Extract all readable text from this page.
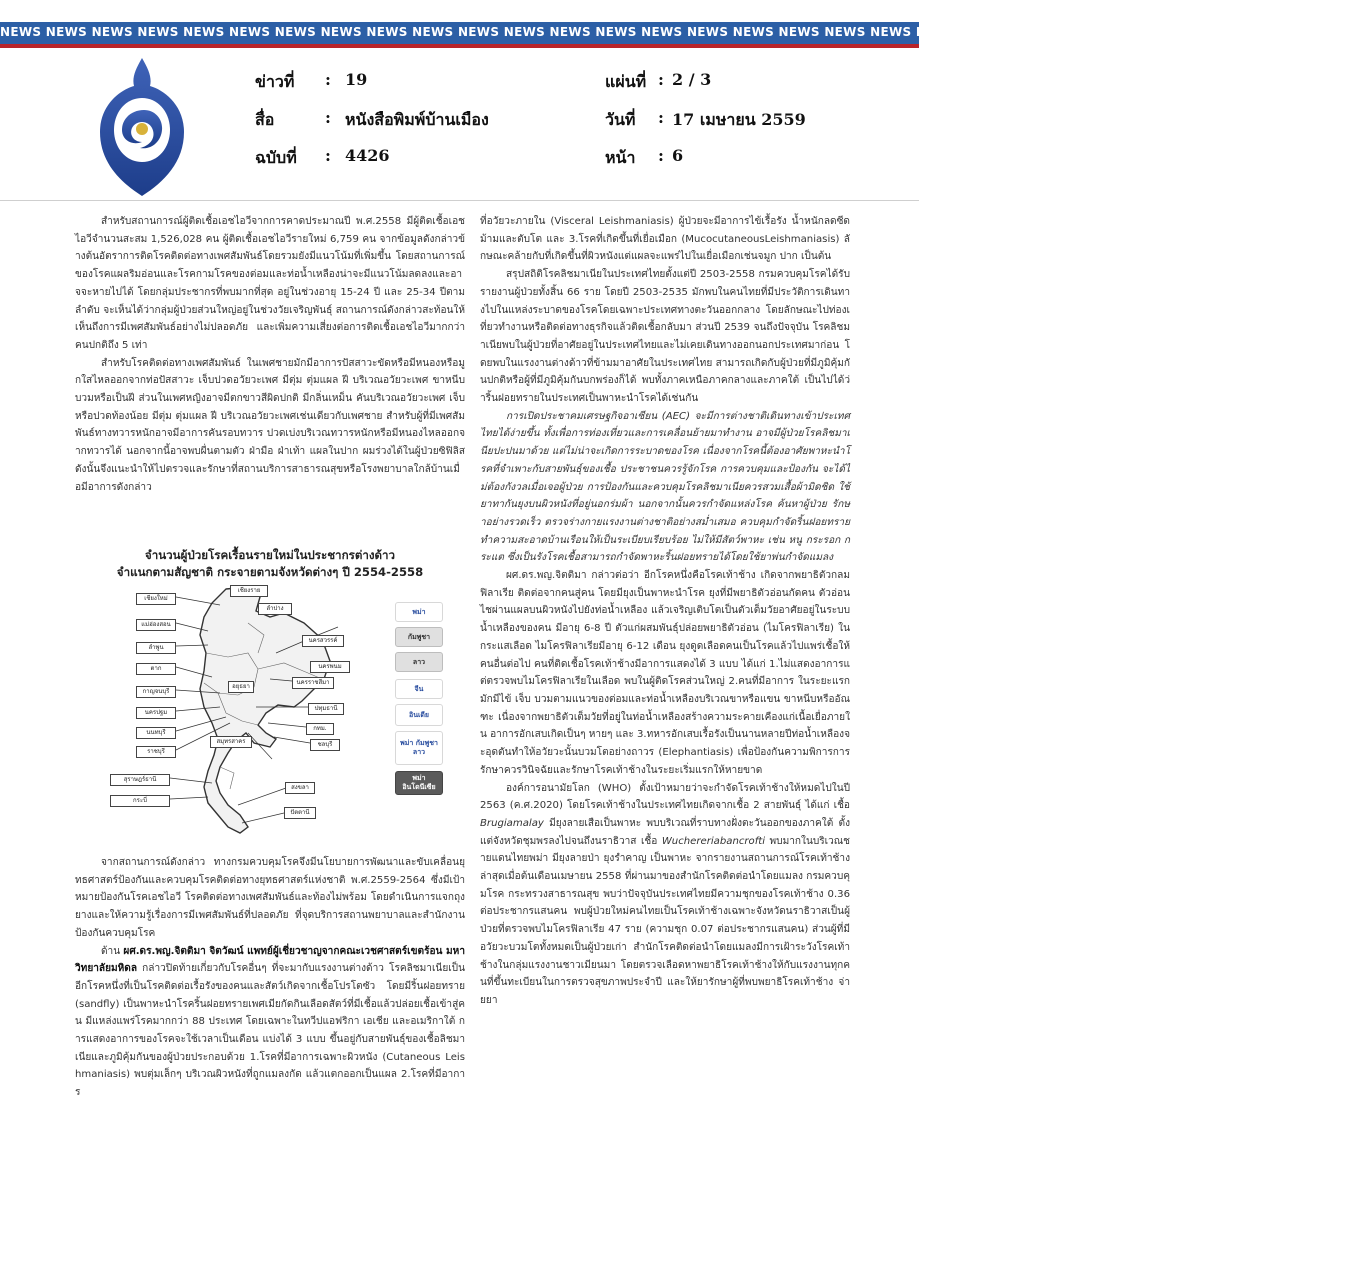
NEWS NEWS NEWS NEWS NEWS NEWS NEWS NEWS NEWS NEWS NEWS NEWS NEWS NEWS NEWS NEWS NEWS NEWS NEWS NEWS NEWS NEWS NEWS NEWS NEWS NEWS NEWS NEWS NEWS NEWS
ข่าวที่ : 19
สื่อ	: หนังสือพิมพ์บ้านเมือง
ฉบับที่ : 4426
แผ่นที่ : 2 / 3
วันที่ : 17 เมษายน 2559
หน้า : 6

สำหรับสถานการณ์ผู้ติดเชื้อเอชไอวีจากการคาดประมาณปี พ.ศ.2558 มีผู้ติดเชื้อเอชไอวีจำนวนสะสม 1,526,028 คน ผู้ติดเชื้อเอชไอวีรายใหม่ 6,759 คน จากข้อมูลดังกล่าวข้างต้นอัตราการติดโรคติดต่อทางเพศสัมพันธ์โดยรวมยังมีแนวโน้มที่เพิ่มขึ้น โดยสถานการณ์ของโรคแผลริมอ่อนและโรคกามโรคของต่อมและท่อน้ำเหลืองน่าจะมีแนวโน้มลดลงและอาจจะหายไปได้ โดยกลุ่มประชากรที่พบมากที่สุด อยู่ในช่วงอายุ 15-24 ปี และ 25-34 ปีตามลำดับ จะเห็นได้ว่ากลุ่มผู้ป่วยส่วนใหญ่อยู่ในช่วงวัยเจริญพันธุ์ สถานการณ์ดังกล่าวสะท้อนให้เห็นถึงการมีเพศสัมพันธ์อย่างไม่ปลอดภัย และเพิ่มความเสี่ยงต่อการติดเชื้อเอชไอวีมากกว่าคนปกติถึง 5 เท่า

สำหรับโรคติดต่อทางเพศสัมพันธ์ ในเพศชายมักมีอาการปัสสาวะขัดหรือมีหนองหรือมูกใสไหลออกจากท่อปัสสาวะ เจ็บปวดอวัยวะเพศ มีตุ่ม ตุ่มแผล ฝี บริเวณอวัยวะเพศ ขาหนีบ บวมหรือเป็นฝี ส่วนในเพศหญิงอาจมีตกขาวสีผิดปกติ มีกลิ่นเหม็น คันบริเวณอวัยวะเพศ เจ็บหรือปวดท้องน้อย มีตุ่ม ตุ่มแผล ฝี บริเวณอวัยวะเพศเช่นเดียวกับเพศชาย สำหรับผู้ที่มีเพศสัมพันธ์ทางทวารหนักอาจมีอาการคันรอบทวาร ปวดเบ่งบริเวณทวารหนักหรือมีหนองไหลออกจากทวารได้ นอกจากนี้อาจพบผื่นตามตัว ฝ่ามือ ฝ่าเท้า แผลในปาก ผมร่วงได้ในผู้ป่วยซิฟิลิส ดังนั้นจึงแนะนำให้ไปตรวจและรักษาที่สถานบริการสาธารณสุขหรือโรงพยาบาลใกล้บ้านเมื่อมีอาการดังกล่าว

จำนวนผู้ป่วยโรคเรื้อนรายใหม่ในประชากรต่างด้าว
จำแนกตามสัญชาติ กระจายตามจังหวัดต่างๆ ปี 2554-2558
เชียงใหม่
แม่ฮ่องสอน
ลำพูน
ตาก
กาญจนบุรี
นครปฐม
นนทบุรี
ราชบุรี
สุราษฎร์ธานี
กระบี่
เชียงราย
ลำปาง
นครสวรรค์
นครราชสีมา
อยุธยา
ปทุมธานี
สมุทรสาคร
กทม.
ชลบุรี
สงขลา
ปัตตานี
นครพนม
พม่า
กัมพูชา
ลาว
จีน
อินเดีย
พม่า กัมพูชา ลาว
พม่า อินโดนีเซีย

จากสถานการณ์ดังกล่าว ทางกรมควบคุมโรคจึงมีนโยบายการพัฒนาและขับเคลื่อนยุทธศาสตร์ป้องกันและควบคุมโรคติดต่อทางยุทธศาสตร์แห่งชาติ พ.ศ.2559-2564 ซึ่งมีเป้าหมายป้องกันโรคเอชไอวี โรคติดต่อทางเพศสัมพันธ์และท้องไม่พร้อม โดยดำเนินการแจกถุงยางและให้ความรู้เรื่องการมีเพศสัมพันธ์ที่ปลอดภัย ที่จุดบริการสถานพยาบาลและสำนักงานป้องกันควบคุมโรค

ด้าน ผศ.ดร.พญ.จิตติมา จิตวัฒน์ แพทย์ผู้เชี่ยวชาญจากคณะเวชศาสตร์เขตร้อน มหาวิทยาลัยมหิดล กล่าวปิดท้ายเกี่ยวกับโรคอื่นๆ ที่จะมากับแรงงานต่างด้าว โรคลิชมาเนียเป็นอีกโรคหนึ่งที่เป็นโรคติดต่อเรื้อรังของคนและสัตว์เกิดจากเชื้อโปรโตซัว โดยมีริ้นฝอยทราย (sandfly) เป็นพาหะนำโรคริ้นฝอยทรายเพศเมียกัดกินเลือดสัตว์ที่มีเชื้อแล้วปล่อยเชื้อเข้าสู่คน มีแหล่งแพร่โรคมากกว่า 88 ประเทศ โดยเฉพาะในทวีปแอฟริกา เอเชีย และอเมริกาใต้ การแสดงอาการของโรคจะใช้เวลาเป็นเดือน แบ่งได้ 3 แบบ ขึ้นอยู่กับสายพันธุ์ของเชื้อลิชมาเนียและภูมิคุ้มกันของผู้ป่วยประกอบด้วย 1.โรคที่มีอาการเฉพาะผิวหนัง (Cutaneous Leishmaniasis) พบตุ่มเล็กๆ บริเวณผิวหนังที่ถูกแมลงกัด แล้วแตกออกเป็นแผล 2.โรคที่มีอาการ

ที่อวัยวะภายใน (Visceral Leishmaniasis) ผู้ป่วยจะมีอาการไข้เรื้อรัง น้ำหนักลดซีด ม้ามและตับโต และ 3.โรคที่เกิดขึ้นที่เยื่อเมือก (MucocutaneousLeishmaniasis) ลักษณะคล้ายกับที่เกิดขึ้นที่ผิวหนังแต่แผลจะแพร่ไปในเยื่อเมือกเช่นจมูก ปาก เป็นต้น

สรุปสถิติโรคลิชมาเนียในประเทศไทยตั้งแต่ปี 2503-2558 กรมควบคุมโรคได้รับรายงานผู้ป่วยทั้งสิ้น 66 ราย โดยปี 2503-2535 มักพบในคนไทยที่มีประวัติการเดินทางไปในแหล่งระบาดของโรคโดยเฉพาะประเทศทางตะวันออกกลาง โดยลักษณะไปท่องเที่ยวทำงานหรือติดต่อทางธุรกิจแล้วติดเชื้อกลับมา ส่วนปี 2539 จนถึงปัจจุบัน โรคลิชมาเนียพบในผู้ป่วยที่อาศัยอยู่ในประเทศไทยและไม่เคยเดินทางออกนอกประเทศมาก่อน โดยพบในแรงงานต่างด้าวที่ข้ามมาอาศัยในประเทศไทย สามารถเกิดกับผู้ป่วยที่มีภูมิคุ้มกันปกติหรือผู้ที่มีภูมิคุ้มกันบกพร่องก็ได้ พบทั้งภาคเหนือภาคกลางและภาคใต้ เป็นไปได้ว่าริ้นฝอยทรายในประเทศเป็นพาหะนำโรคได้เช่นกัน

การเปิดประชาคมเศรษฐกิจอาเซียน (AEC) จะมีการต่างชาติเดินทางเข้าประเทศไทยได้ง่ายขึ้น ทั้งเพื่อการท่องเที่ยวและการเคลื่อนย้ายมาทำงาน อาจมีผู้ป่วยโรคลิชมาเนียปะปนมาด้วย แต่ไม่น่าจะเกิดการระบาดของโรค เนื่องจากโรคนี้ต้องอาศัยพาหะนำโรคที่จำเพาะกับสายพันธุ์ของเชื้อ ประชาชนควรรู้จักโรค การควบคุมและป้องกัน จะได้ไม่ต้องกังวลเมื่อเจอผู้ป่วย การป้องกันและควบคุมโรคลิชมาเนียควรสวมเสื้อผ้ามิดชิด ใช้ยาทากันยุงบนผิวหนังที่อยู่นอกร่มผ้า นอกจากนั้นควรกำจัดแหล่งโรค ค้นหาผู้ป่วย รักษาอย่างรวดเร็ว ตรวจร่างกายแรงงานต่างชาติอย่างสม่ำเสมอ ควบคุมกำจัดริ้นฝอยทราย ทำความสะอาดบ้านเรือนให้เป็นระเบียบเรียบร้อย ไม่ให้มีสัตว์พาหะ เช่น หนู กระรอก กระแต ซึ่งเป็นรังโรคเชื้อสามารถกำจัดพาหะริ้นฝอยทรายได้โดยใช้ยาพ่นกำจัดแมลง

ผศ.ดร.พญ.จิตติมา กล่าวต่อว่า อีกโรคหนึ่งคือโรคเท้าช้าง เกิดจากพยาธิตัวกลมฟิลาเรีย ติดต่อจากคนสู่คน โดยมียุงเป็นพาหะนำโรค ยุงที่มีพยาธิตัวอ่อนกัดคน ตัวอ่อนไชผ่านแผลบนผิวหนังไปยังท่อน้ำเหลือง แล้วเจริญเติบโตเป็นตัวเต็มวัยอาศัยอยู่ในระบบน้ำเหลืองของคน มีอายุ 6-8 ปี ตัวแก่ผสมพันธุ์ปล่อยพยาธิตัวอ่อน (ไมโครฟิลาเรีย) ในกระแสเลือด ไมโครฟิลาเรียมีอายุ 6-12 เดือน ยุงดูดเลือดคนเป็นโรคแล้วไปแพร่เชื้อให้คนอื่นต่อไป คนที่ติดเชื้อโรคเท้าช้างมีอาการแสดงได้ 3 แบบ ได้แก่ 1.ไม่แสดงอาการแต่ตรวจพบไมโครฟิลาเรียในเลือด พบในผู้ติดโรคส่วนใหญ่ 2.คนที่มีอาการ ในระยะแรก มักมีไข้ เจ็บ บวมตามแนวของต่อมและท่อน้ำเหลืองบริเวณขาหรือแขน ขาหนีบหรืออัณฑะ เนื่องจากพยาธิตัวเต็มวัยที่อยู่ในท่อน้ำเหลืองสร้างความระคายเคืองแก่เนื้อเยื่อภายใน อาการอักเสบเกิดเป็นๆ หายๆ และ 3.ทหารอักเสบเรื้อรังเป็นนานหลายปีท่อน้ำเหลืองจะอุดตันทำให้อวัยวะนั้นบวมโตอย่างถาวร (Elephantiasis) เพื่อป้องกันความพิการการรักษาควรวินิจฉัยและรักษาโรคเท้าช้างในระยะเริ่มแรกให้หายขาด

องค์การอนามัยโลก (WHO) ตั้งเป้าหมายว่าจะกำจัดโรคเท้าช้างให้หมดไปในปี 2563 (ค.ศ.2020) โดยโรคเท้าช้างในประเทศไทยเกิดจากเชื้อ 2 สายพันธุ์ ได้แก่ เชื้อ Brugiamalay มียุงลายเสือเป็นพาหะ พบบริเวณที่ราบทางฝั่งตะวันออกของภาคใต้ ตั้งแต่จังหวัดชุมพรลงไปจนถึงนราธิวาส เชื้อ Wuchereriabancrofti พบมากในบริเวณชายแดนไทยพม่า มียุงลายป่า ยุงรำคาญ เป็นพาหะ จากรายงานสถานการณ์โรคเท้าช้างล่าสุดเมื่อต้นเดือนเมษายน 2558 ที่ผ่านมาของสำนักโรคติดต่อนำโดยแมลง กรมควบคุมโรค กระทรวงสาธารณสุข พบว่าปัจจุบันประเทศไทยมีความชุกของโรคเท้าช้าง 0.36 ต่อประชากรแสนคน พบผู้ป่วยใหม่คนไทยเป็นโรคเท้าช้างเฉพาะจังหวัดนราธิวาสเป็นผู้ป่วยที่ตรวจพบไมโครฟิลาเรีย 47 ราย (ความชุก 0.07 ต่อประชากรแสนคน) ส่วนผู้ที่มีอวัยวะบวมโตทั้งหมดเป็นผู้ป่วยเก่า สำนักโรคติดต่อนำโดยแมลงมีการเฝ้าระวังโรคเท้าช้างในกลุ่มแรงงานชาวเมียนมา โดยตรวจเลือดหาพยาธิโรคเท้าช้างให้กับแรงงานทุกคนที่ขึ้นทะเบียนในการตรวจสุขภาพประจำปี และให้ยารักษาผู้ที่พบพยาธิโรคเท้าช้าง จ่ายยา
